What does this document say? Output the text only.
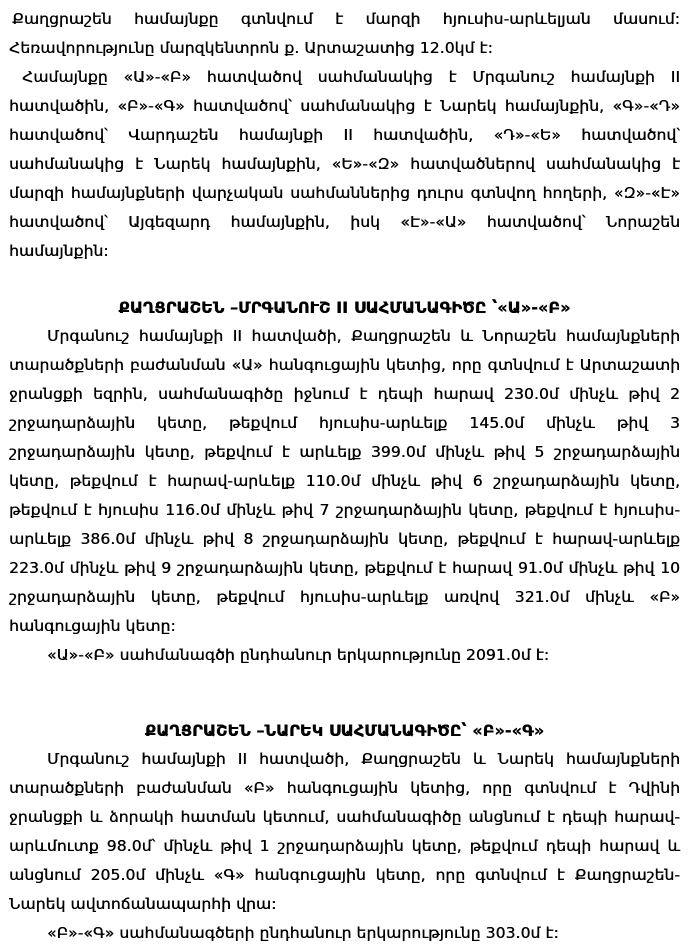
Քաղցրաշեն համայնքը գտնվում է մարզի հյուսիս-արևելյան մասում: Հեռավորությունը մարզկենտրոն ք. Արտաշատից 12.0կմ է:

Համայնքը «Ա»-«Բ» հատվածով սահմանակից է Մրգանուշ համայնքի II հատվածին, «Բ»-«Գ» հատվածով՝ սահմանակից է Նարեկ համայնքին, «Գ»-«Դ» հատվածով՝ Վարդաշեն համայնքի II հատվածին, «Դ»-«Ե» հատվածով՝ սահմանակից է Նարեկ համայնքին, «Ե»-«Զ» հատվածներով սահմանակից է մարզի համայնքների վարչական սահմաններից դուրս գտնվող հողերի, «Զ»-«Է» հատվածով՝ Այգեզարդ համայնքին, իսկ «Է»-«Ա» հատվածով՝ Նորաշեն համայնքին:

ՔԱՂՑՐԱՇԵՆ –ՄՐԳԱՆՈՒՇ II ՍԱՀՄԱՆԱԳԻԾԸ ՝«Ա»-«Բ»

Մրգանուշ համայնքի II հատվածի, Քաղցրաշեն և Նորաշեն համայնքների տարածքների բաժանման «Ա» հանգուցային կետից, որը գտնվում է Արտաշատի ջրանցքի եզրին, սահմանագիծը իջնում է դեպի հարավ 230.0մ մինչև թիվ 2 շրջադարձային կետը, թեքվում հյուսիս-արևելք 145.0մ մինչև թիվ 3 շրջադարձային կետը, թեքվում է արևելք 399.0մ մինչև թիվ 5 շրջադարձային կետը, թեքվում է հարավ-արևելք 110.0մ մինչև թիվ 6 շրջադարձային կետը, թեքվում է հյուսիս 116.0մ մինչև թիվ 7 շրջադարձային կետը, թեքվում է հյուսիս-արևելք 386.0մ մինչև թիվ 8 շրջադարձային կետը, թեքվում է հարավ-արևելք 223.0մ մինչև թիվ 9 շրջադարձային կետը, թեքվում է հարավ 91.0մ մինչև թիվ 10 շրջադարձային կետը, թեքվում հյուսիս-արևելք առվով 321.0մ մինչև «Բ» հանգուցային կետը:

«Ա»-«Բ» սահմանագծի ընդհանուր երկարությունը 2091.0մ է:

ՔԱՂՑՐԱՇԵՆ –ՆԱՐԵԿ ՍԱՀՄԱՆԱԳԻԾԸ՝ «Բ»-«Գ»

Մրգանուշ համայնքի II հատվածի, Քաղցրաշեն և Նարեկ համայնքների տարածքների բաժանման «Բ» հանգուցային կետից, որը գտնվում է Դվինի ջրանցքի և ձորակի հատման կետում, սահմանագիծը անցնում է դեպի հարավ-արևմուտք 98.0մ՝ մինչև թիվ 1 շրջադարձային կետը, թեքվում դեպի հարավ և անցնում 205.0մ մինչև «Գ» հանգուցային կետը, որը գտնվում է Քաղցրաշեն-Նարեկ ավտոճանապարհի վրա:

«Բ»-«Գ» սահմանագծերի ընդհանուր երկարությունը 303.0մ է:
